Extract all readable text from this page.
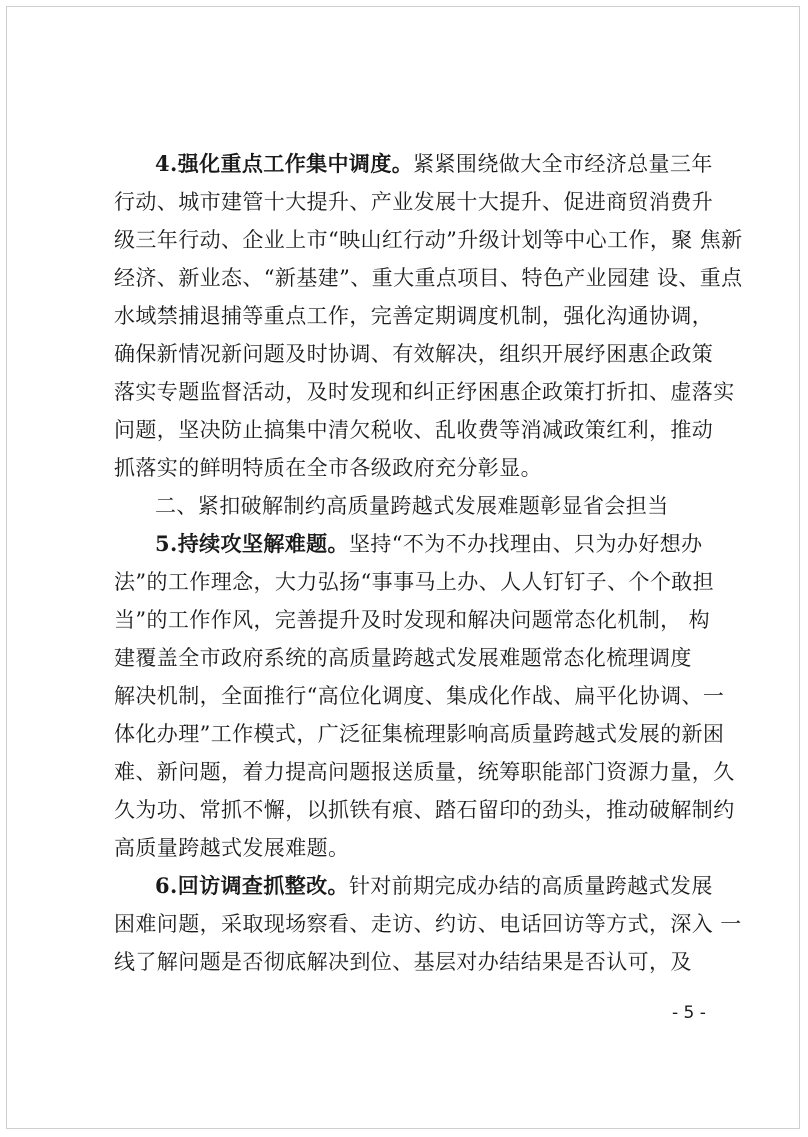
4.强化重点工作集中调度。紧紧围绕做大全市经济总量三年
行动、城市建管十大提升、产业发展十大提升、促进商贸消费升
级三年行动、企业上市“映山红行动”升级计划等中心工作，聚 焦新
经济、新业态、“新基建”、重大重点项目、特色产业园建 设、重点
水域禁捕退捕等重点工作，完善定期调度机制，强化沟通协调，
确保新情况新问题及时协调、有效解决，组织开展纾困惠企政策
落实专题监督活动，及时发现和纠正纾困惠企政策打折扣、虚落实
问题，坚决防止搞集中清欠税收、乱收费等消减政策红利，推动
抓落实的鲜明特质在全市各级政府充分彰显。
二、紧扣破解制约高质量跨越式发展难题彰显省会担当
5.持续攻坚解难题。坚持“不为不办找理由、只为办好想办
法”的工作理念，大力弘扬“事事马上办、人人钉钉子、个个敢担
当”的工作作风，完善提升及时发现和解决问题常态化机制， 构
建覆盖全市政府系统的高质量跨越式发展难题常态化梳理调度
解决机制，全面推行“高位化调度、集成化作战、扁平化协调、一
体化办理”工作模式，广泛征集梳理影响高质量跨越式发展的新困
难、新问题，着力提高问题报送质量，统筹职能部门资源力量，久
久为功、常抓不懈，以抓铁有痕、踏石留印的劲头，推动破解制约
高质量跨越式发展难题。
6.回访调查抓整改。针对前期完成办结的高质量跨越式发展
困难问题，采取现场察看、走访、约访、电话回访等方式，深入 一
线了解问题是否彻底解决到位、基层对办结结果是否认可，及
- 5 -
